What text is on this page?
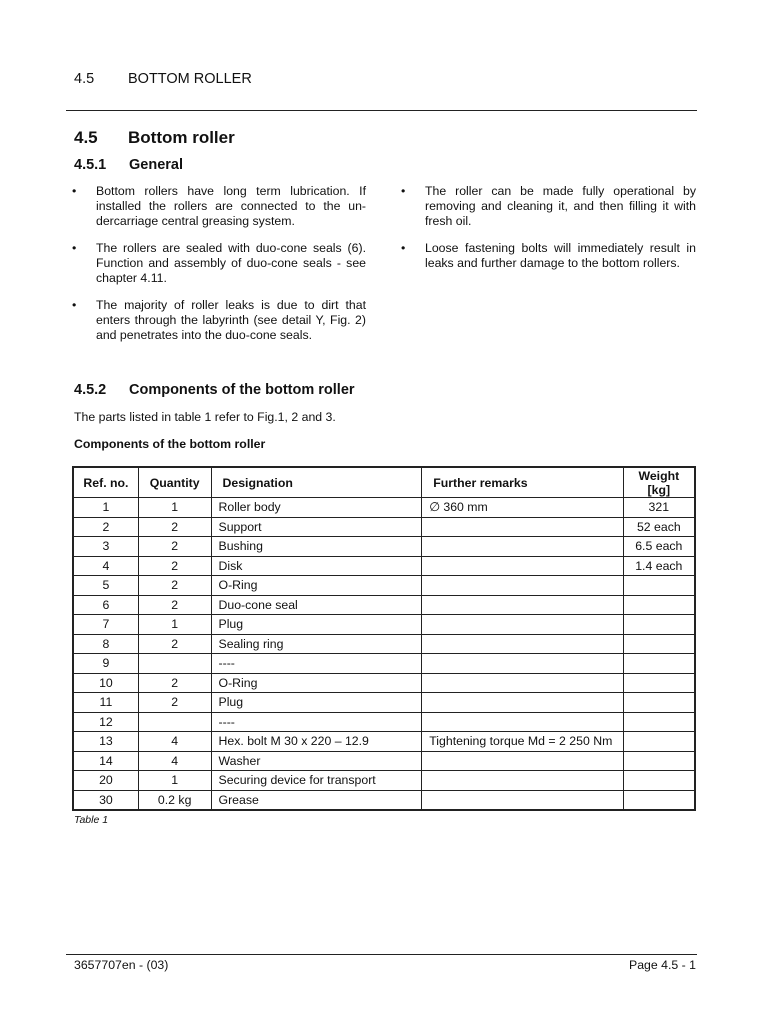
4.5 BOTTOM ROLLER
4.5 Bottom roller
4.5.1 General
• Bottom rollers have long term lubrication. If installed the rollers are connected to the un-dercarriage central greasing system.
• The rollers are sealed with duo-cone seals (6). Function and assembly of duo-cone seals - see chapter 4.11.
• The majority of roller leaks is due to dirt that enters through the labyrinth (see detail Y, Fig. 2) and penetrates into the duo-cone seals.
• The roller can be made fully operational by removing and cleaning it, and then filling it with fresh oil.
• Loose fastening bolts will immediately result in leaks and further damage to the bottom rollers.
4.5.2 Components of the bottom roller
The parts listed in table 1 refer to Fig.1, 2 and 3.
Components of the bottom roller
Ref. no.	Quantity	Designation	Further remarks	Weight [kg]
1	1	Roller body	∅ 360 mm	321
2	2	Support		52 each
3	2	Bushing		6.5 each
4	2	Disk		1.4 each
5	2	O-Ring		
6	2	Duo-cone seal		
7	1	Plug		
8	2	Sealing ring		
9		----		
10	2	O-Ring		
11	2	Plug		
12		----		
13	4	Hex. bolt M 30 x 220 – 12.9	Tightening torque Md = 2 250 Nm	
14	4	Washer		
20	1	Securing device for transport		
30	0.2 kg	Grease		
Table 1
3657707en - (03)	Page 4.5 - 1
